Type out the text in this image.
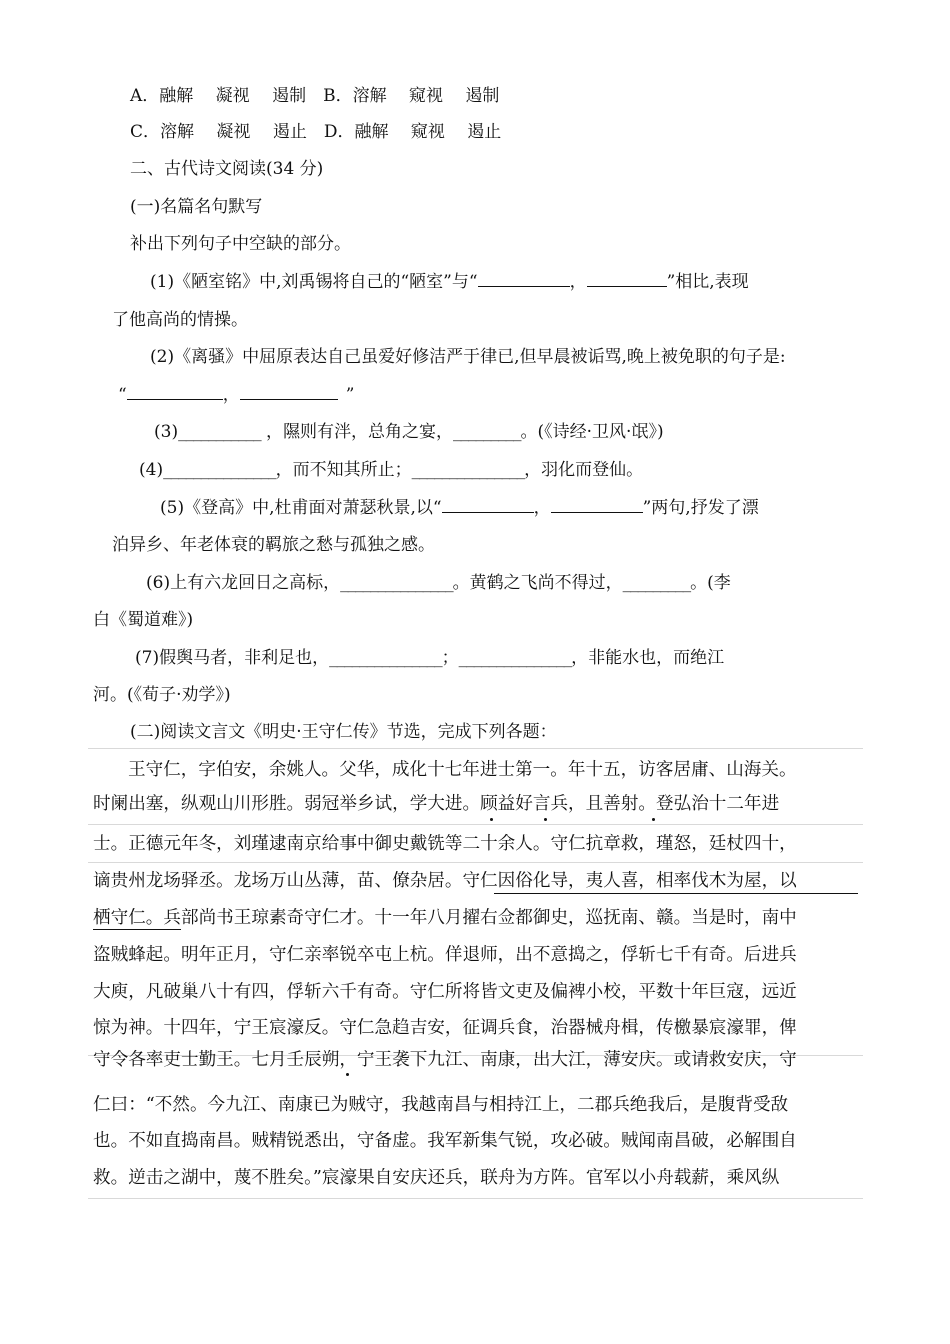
A．融解　 凝视　 遏制　B．溶解　 窥视　 遏制
C．溶解　 凝视　 遏止　D．融解　 窥视　 遏止
二、古代诗文阅读(34 分)
(一)名篇名句默写
补出下列句子中空缺的部分。
(1)《陋室铭》中,刘禹锡将自己的“陋室”与“	，	”相比,表现
了他高尚的情操。
(2)《离骚》中屈原表达自己虽爱好修洁严于律已,但早晨被诟骂,晚上被免职的句子是:
“	，	”
(3)___________ ，隰则有泮，总角之宴，_________。(《诗经·卫风·氓》)
(4)_______________，而不知其所止；_______________，羽化而登仙。
(5)《登高》中,杜甫面对萧瑟秋景,以“	，	”两句,抒发了漂
泊异乡、年老体衰的羁旅之愁与孤独之感。
(6)上有六龙回日之高标，_______________。黄鹤之飞尚不得过，_________。(李
白《蜀道难》)
(7)假舆马者，非利足也，_______________；_______________，非能水也，而绝江
河。(《荀子·劝学》)
(二)阅读文言文《明史·王守仁传》节选，完成下列各题：
王守仁，字伯安，余姚人。父华，成化十七年进士第一。年十五，访客居庸、山海关。
时阑出塞，纵观山川形胜。弱冠举乡试，学大进。顾益好言兵，且善射。登弘治十二年进
士。正德元年冬，刘瑾逮南京给事中御史戴铣等二十余人。守仁抗章救，瑾怒，廷杖四十，
谪贵州龙场驿丞。龙场万山丛薄，苗、僚杂居。守仁因俗化导，夷人喜，相率伐木为屋，以
栖守仁。兵部尚书王琼素奇守仁才。十一年八月擢右佥都御史，巡抚南、赣。当是时，南中
盗贼蜂起。明年正月，守仁亲率锐卒屯上杭。佯退师，出不意捣之，俘斩七千有奇。后进兵
大庾，凡破巢八十有四，俘斩六千有奇。守仁所将皆文吏及偏裨小校，平数十年巨寇，远近
惊为神。十四年，宁王宸濠反。守仁急趋吉安，征调兵食，治器械舟楫，传檄暴宸濠罪，俾
守令各率吏士勤王。七月壬辰朔，宁王袭下九江、南康，出大江，薄安庆。或请救安庆，守
仁曰：“不然。今九江、南康已为贼守，我越南昌与相持江上，二郡兵绝我后，是腹背受敌
也。不如直捣南昌。贼精锐悉出，守备虚。我军新集气锐，攻必破。贼闻南昌破，必解围自
救。逆击之湖中，蔑不胜矣。”宸濠果自安庆还兵，联舟为方阵。官军以小舟载薪，乘风纵
